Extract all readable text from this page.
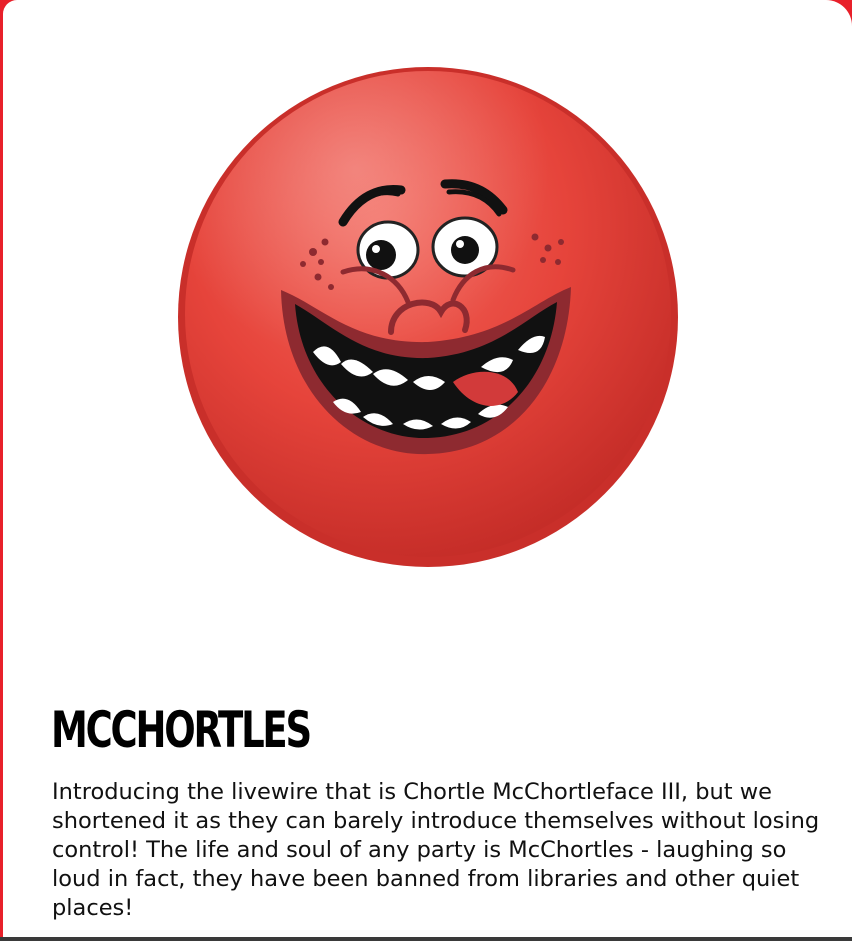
MCCHORTLES
Introducing the livewire that is Chortle McChortleface III, but we shortened it as they can barely introduce themselves without losing control! The life and soul of any party is McChortles - laughing so loud in fact, they have been banned from libraries and other quiet places!
